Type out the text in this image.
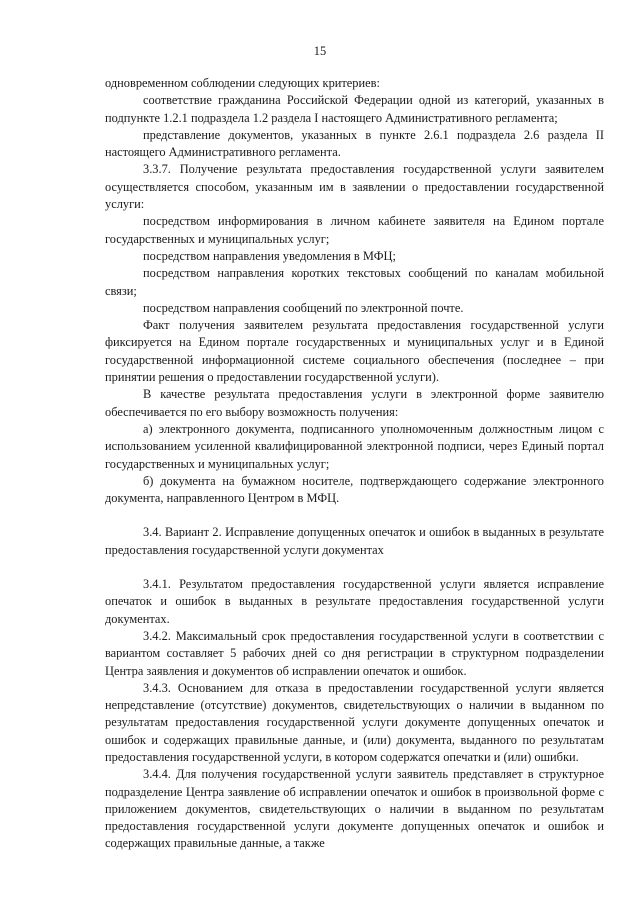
15

одновременном соблюдении следующих критериев:

соответствие гражданина Российской Федерации одной из категорий, указанных в подпункте 1.2.1 подраздела 1.2 раздела I настоящего Административного регламента;

представление документов, указанных в пункте 2.6.1 подраздела 2.6 раздела II настоящего Административного регламента.

3.3.7. Получение результата предоставления государственной услуги заявителем осуществляется способом, указанным им в заявлении о предоставлении государственной услуги:

посредством информирования в личном кабинете заявителя на Едином портале государственных и муниципальных услуг;

посредством направления уведомления в МФЦ;

посредством направления коротких текстовых сообщений по каналам мобильной связи;

посредством направления сообщений по электронной почте.

Факт получения заявителем результата предоставления государственной услуги фиксируется на Едином портале государственных и муниципальных услуг и в Единой государственной информационной системе социального обеспечения (последнее – при принятии решения о предоставлении государственной услуги).

В качестве результата предоставления услуги в электронной форме заявителю обеспечивается по его выбору возможность получения:

а) электронного документа, подписанного уполномоченным должностным лицом с использованием усиленной квалифицированной электронной подписи, через Единый портал государственных и муниципальных услуг;

б) документа на бумажном носителе, подтверждающего содержание электронного документа, направленного Центром в МФЦ.

3.4. Вариант 2. Исправление допущенных опечаток и ошибок в выданных в результате предоставления государственной услуги документах

3.4.1. Результатом предоставления государственной услуги является исправление опечаток и ошибок в выданных в результате предоставления государственной услуги документах.

3.4.2. Максимальный срок предоставления государственной услуги в соответствии с вариантом составляет 5 рабочих дней со дня регистрации в структурном подразделении Центра заявления и документов об исправлении опечаток и ошибок.

3.4.3. Основанием для отказа в предоставлении государственной услуги является непредставление (отсутствие) документов, свидетельствующих о наличии в выданном по результатам предоставления государственной услуги документе допущенных опечаток и ошибок и содержащих правильные данные, и (или) документа, выданного по результатам предоставления государственной услуги, в котором содержатся опечатки и (или) ошибки.

3.4.4. Для получения государственной услуги заявитель представляет в структурное подразделение Центра заявление об исправлении опечаток и ошибок в произвольной форме с приложением документов, свидетельствующих о наличии в выданном по результатам предоставления государственной услуги документе допущенных опечаток и ошибок и содержащих правильные данные, а также
